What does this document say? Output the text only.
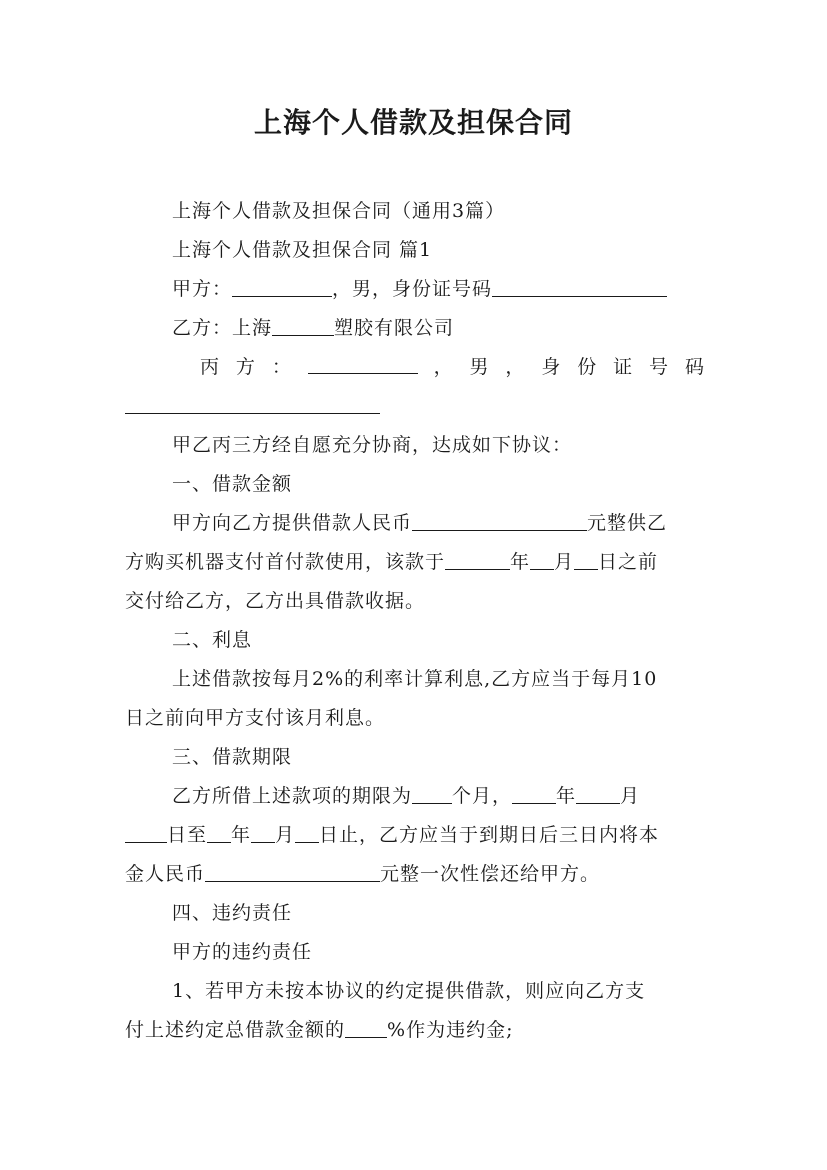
上海个人借款及担保合同
上海个人借款及担保合同（通用3篇）
上海个人借款及担保合同 篇1
甲方：	，男，身份证号码
乙方：上海	塑胶有限公司
丙 方 ：	， 男 ， 身 份 证 号 码
甲乙丙三方经自愿充分协商，达成如下协议：
一、借款金额
甲方向乙方提供借款人民币	元整供乙
方购买机器支付首付款使用，该款于	年 月 日之前
交付给乙方，乙方出具借款收据。
二、利息
上述借款按每月2%的利率计算利息,乙方应当于每月10
日之前向甲方支付该月利息。
三、借款期限
乙方所借上述款项的期限为 个月， 年 月
日至 年 月 日止，乙方应当于到期日后三日内将本
金人民币	元整一次性偿还给甲方。
四、违约责任
甲方的违约责任
1、若甲方未按本协议的约定提供借款，则应向乙方支
付上述约定总借款金额的 %作为违约金;
